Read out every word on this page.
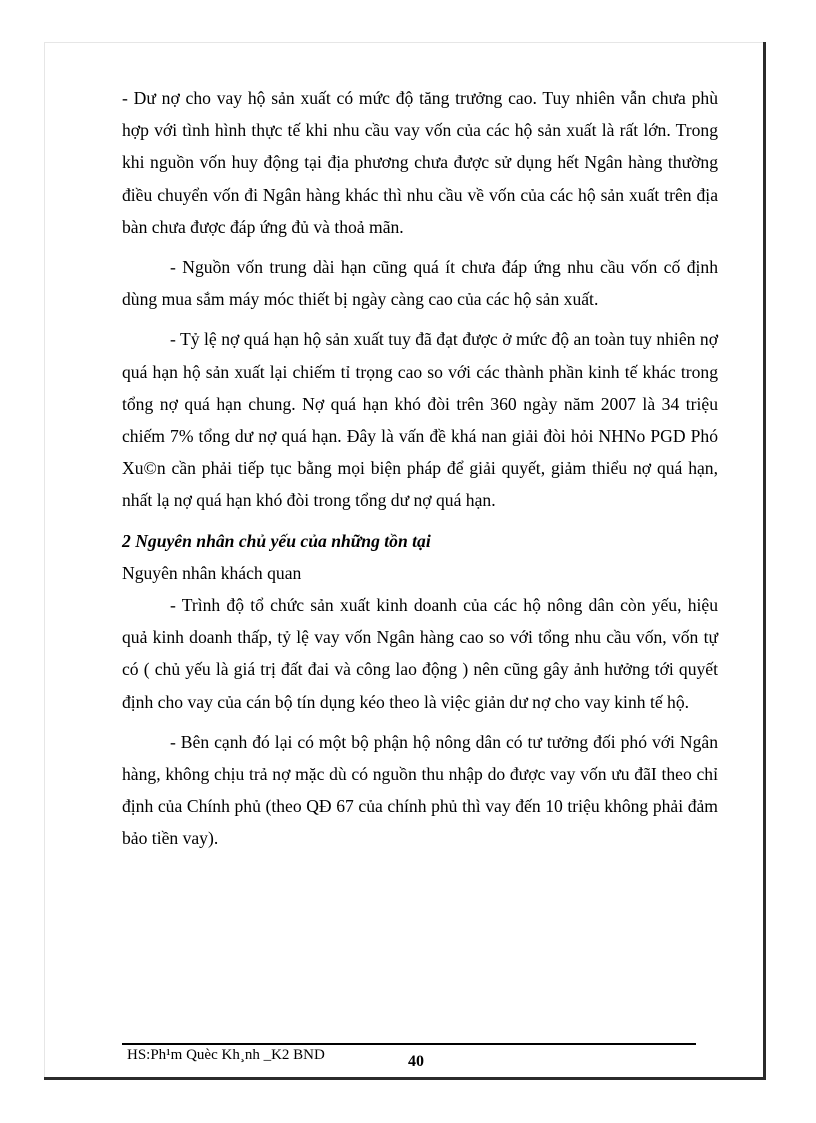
- Dư nợ cho vay hộ sản xuất có mức độ tăng trưởng cao. Tuy nhiên vẫn chưa phù hợp với tình hình thực tế khi nhu cầu vay vốn của các hộ sản xuất là rất lớn. Trong khi nguồn vốn huy động tại địa phương chưa được sử dụng hết Ngân hàng thường điều chuyển vốn đi Ngân hàng khác thì nhu cầu về vốn của các hộ sản xuất trên địa bàn chưa được đáp ứng đủ và thoả mãn.

- Nguồn vốn trung dài hạn cũng quá ít chưa đáp ứng nhu cầu vốn cố định dùng mua sắm máy móc thiết bị ngày càng cao của các hộ sản xuất.

- Tỷ lệ nợ quá hạn hộ sản xuất tuy đã đạt được ở mức độ an toàn tuy nhiên nợ quá hạn hộ sản xuất lại chiếm tỉ trọng cao so với các thành phần kinh tế khác trong tổng nợ quá hạn chung. Nợ quá hạn khó đòi trên 360 ngày năm 2007 là 34 triệu chiếm 7% tổng dư nợ quá hạn. Đây là vấn đề khá nan giải đòi hỏi NHNo PGD Phó Xu©n cần phải tiếp tục bằng mọi biện pháp để giải quyết, giảm thiểu nợ quá hạn, nhất lạ nợ quá hạn khó đòi trong tổng dư nợ quá hạn.

2 Nguyên nhân chủ yếu của những tồn tại

Nguyên nhân khách quan

- Trình độ tổ chức sản xuất kinh doanh của các hộ nông dân còn yếu, hiệu quả kinh doanh thấp, tỷ lệ vay vốn Ngân hàng cao so với tổng nhu cầu vốn, vốn tự có ( chủ yếu là giá trị đất đai và công lao động ) nên cũng gây ảnh hưởng tới quyết định cho vay của cán bộ tín dụng kéo theo là việc giản dư nợ cho vay kinh tế hộ.

- Bên cạnh đó lại có một bộ phận hộ nông dân có tư tưởng đối phó với Ngân hàng, không chịu trả nợ mặc dù có nguồn thu nhập do được vay vốn ưu đãI theo chỉ định của Chính phủ (theo QĐ 67 của chính phủ thì vay đến 10 triệu không phải đảm bảo tiền vay).

HS:Ph¹m Quèc Kh¸nh _K2 BND	40
